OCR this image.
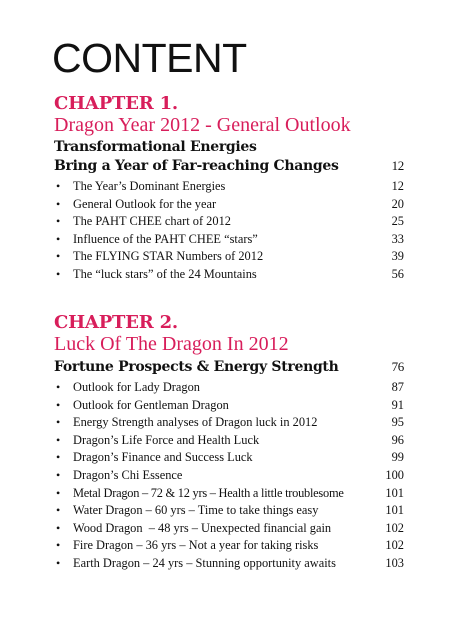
CONTENT
CHAPTER 1.
Dragon Year 2012 - General Outlook
Transformational Energies
Bring a Year of Far-reaching Changes	12
•	The Year’s Dominant Energies	12
•	General Outlook for the year	20
•	The PAHT CHEE chart of 2012	25
•	Influence of the PAHT CHEE “stars”	33
•	The FLYING STAR Numbers of 2012	39
•	The “luck stars” of the 24 Mountains	56
CHAPTER 2.
Luck Of The Dragon In 2012
Fortune Prospects & Energy Strength	76
•	Outlook for Lady Dragon	87
•	Outlook for Gentleman Dragon	91
•	Energy Strength analyses of Dragon luck in 2012	95
•	Dragon’s Life Force and Health Luck	96
•	Dragon’s Finance and Success Luck	99
•	Dragon’s Chi Essence	100
•	Metal Dragon – 72 & 12 yrs – Health a little troublesome	101
•	Water Dragon – 60 yrs – Time to take things easy	101
•	Wood Dragon  – 48 yrs – Unexpected financial gain	102
•	Fire Dragon – 36 yrs – Not a year for taking risks	102
•	Earth Dragon – 24 yrs – Stunning opportunity awaits	103
